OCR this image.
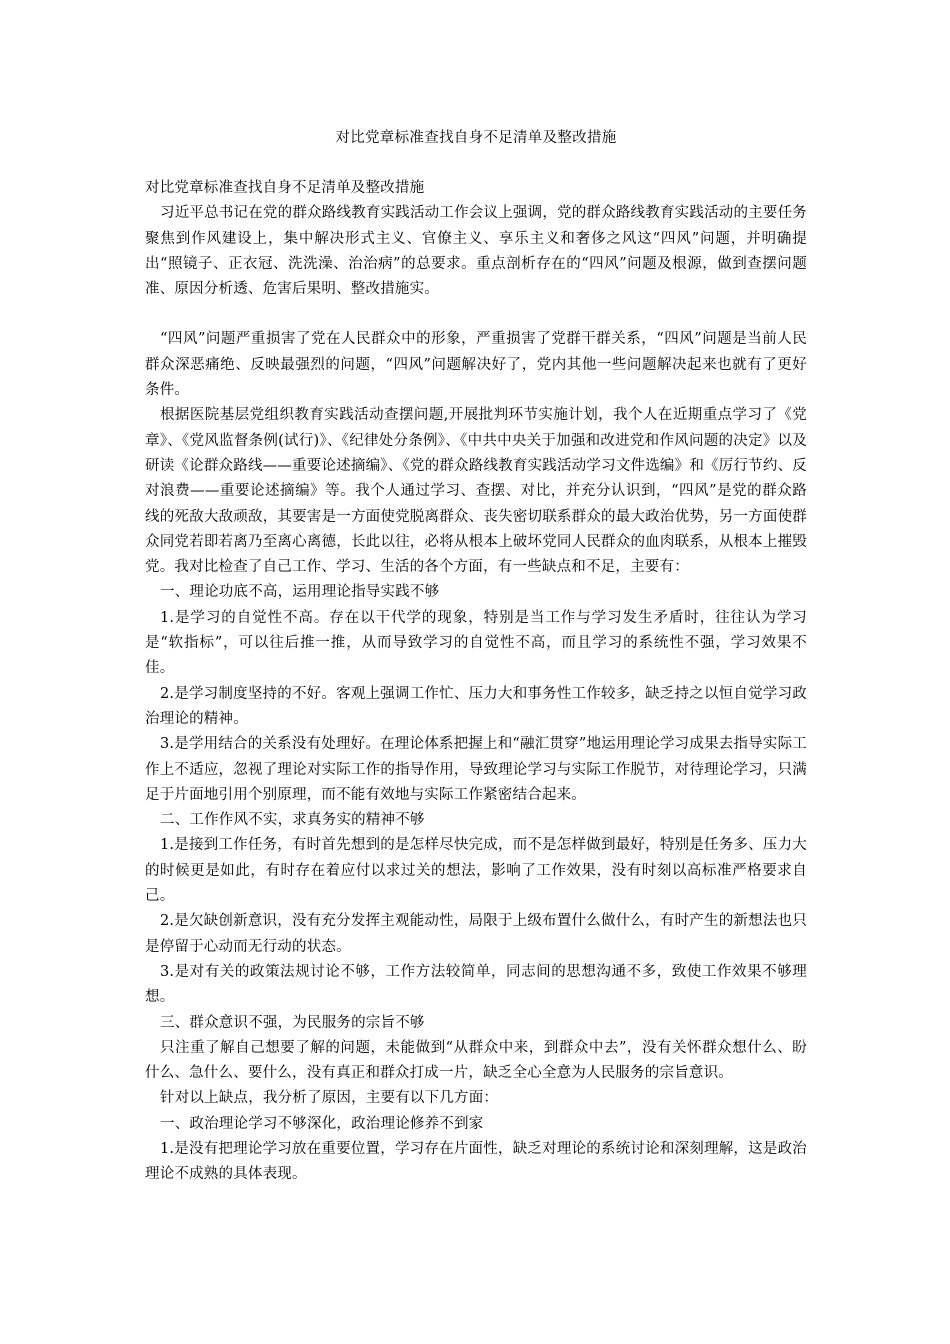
对比党章标准查找自身不足清单及整改措施

对比党章标准查找自身不足清单及整改措施

习近平总书记在党的群众路线教育实践活动工作会议上强调，党的群众路线教育实践活动的主要任务聚焦到作风建设上，集中解决形式主义、官僚主义、享乐主义和奢侈之风这“四风”问题，并明确提出“照镜子、正衣冠、洗洗澡、治治病”的总要求。重点剖析存在的“四风”问题及根源，做到查摆问题准、原因分析透、危害后果明、整改措施实。

“四风”问题严重损害了党在人民群众中的形象，严重损害了党群干群关系，“四风”问题是当前人民群众深恶痛绝、反映最强烈的问题，“四风”问题解决好了，党内其他一些问题解决起来也就有了更好条件。

根据医院基层党组织教育实践活动查摆问题,开展批判环节实施计划，我个人在近期重点学习了《党章》、《党风监督条例(试行)》、《纪律处分条例》、《中共中央关于加强和改进党和作风问题的决定》以及研读《论群众路线——重要论述摘编》、《党的群众路线教育实践活动学习文件选编》和《厉行节约、反对浪费——重要论述摘编》等。我个人通过学习、查摆、对比，并充分认识到，“四风”是党的群众路线的死敌大敌顽敌，其要害是一方面使党脱离群众、丧失密切联系群众的最大政治优势，另一方面使群众同党若即若离乃至离心离德，长此以往，必将从根本上破坏党同人民群众的血肉联系，从根本上摧毁党。我对比检查了自己工作、学习、生活的各个方面，有一些缺点和不足，主要有：

一、理论功底不高，运用理论指导实践不够

1.是学习的自觉性不高。存在以干代学的现象，特别是当工作与学习发生矛盾时，往往认为学习是“软指标”，可以往后推一推，从而导致学习的自觉性不高，而且学习的系统性不强，学习效果不佳。

2.是学习制度坚持的不好。客观上强调工作忙、压力大和事务性工作较多，缺乏持之以恒自觉学习政治理论的精神。

3.是学用结合的关系没有处理好。在理论体系把握上和“融汇贯穿”地运用理论学习成果去指导实际工作上不适应，忽视了理论对实际工作的指导作用，导致理论学习与实际工作脱节，对待理论学习，只满足于片面地引用个别原理，而不能有效地与实际工作紧密结合起来。

二、工作作风不实，求真务实的精神不够

1.是接到工作任务，有时首先想到的是怎样尽快完成，而不是怎样做到最好，特别是任务多、压力大的时候更是如此，有时存在着应付以求过关的想法，影响了工作效果，没有时刻以高标准严格要求自己。

2.是欠缺创新意识，没有充分发挥主观能动性，局限于上级布置什么做什么，有时产生的新想法也只是停留于心动而无行动的状态。

3.是对有关的政策法规讨论不够，工作方法较简单，同志间的思想沟通不多，致使工作效果不够理想。

三、群众意识不强，为民服务的宗旨不够

只注重了解自己想要了解的问题，未能做到“从群众中来，到群众中去”，没有关怀群众想什么、盼什么、急什么、要什么，没有真正和群众打成一片，缺乏全心全意为人民服务的宗旨意识。

针对以上缺点，我分析了原因，主要有以下几方面：

一、政治理论学习不够深化，政治理论修养不到家

1.是没有把理论学习放在重要位置，学习存在片面性，缺乏对理论的系统讨论和深刻理解，这是政治理论不成熟的具体表现。
